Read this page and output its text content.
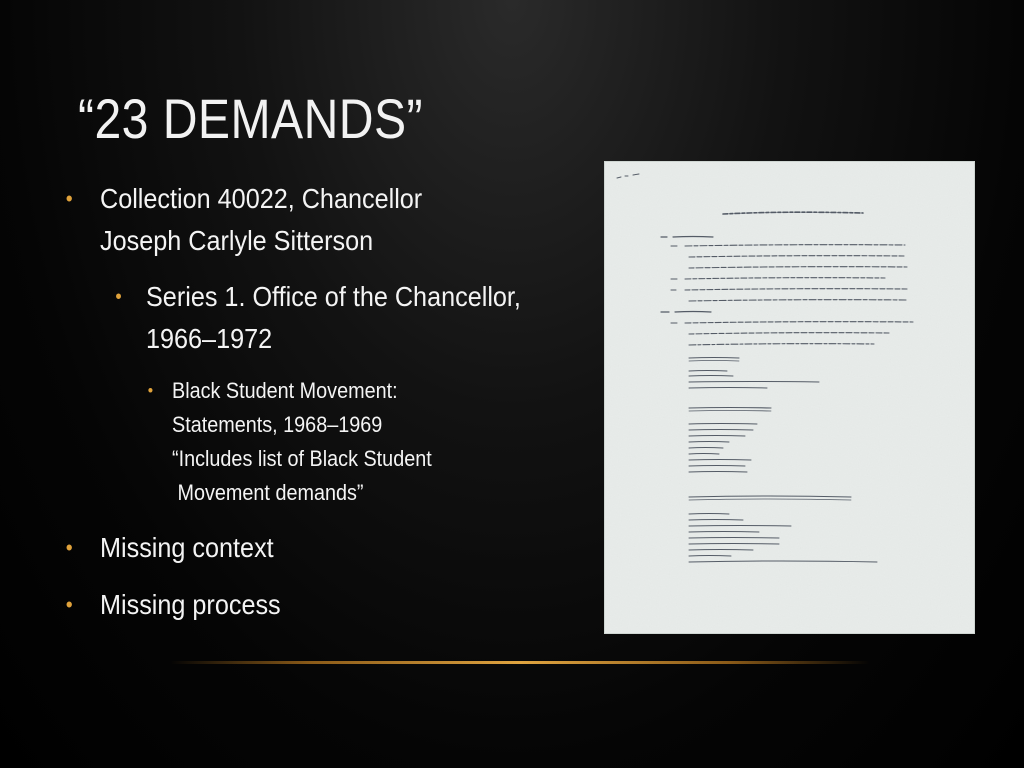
“23 DEMANDS”
• Collection 40022, Chancellor
Joseph Carlyle Sitterson
• Series 1. Office of the Chancellor,
1966–1972
• Black Student Movement:
Statements, 1968–1969
“Includes list of Black Student
Movement demands”
• Missing context
• Missing process
